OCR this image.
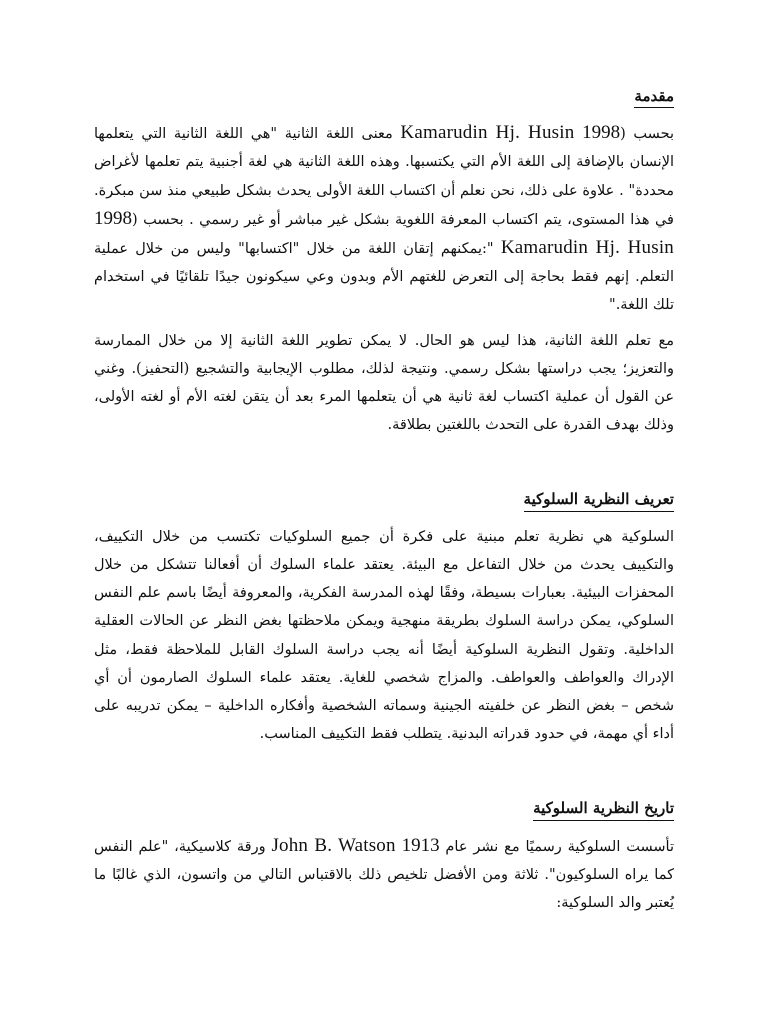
مقدمة

بحسب (1998 Kamarudin Hj. Husin معنى اللغة الثانية "هي اللغة الثانية التي يتعلمها الإنسان بالإضافة إلى اللغة الأم التي يكتسبها. وهذه اللغة الثانية هي لغة أجنبية يتم تعلمها لأغراض محددة" . علاوة على ذلك، نحن نعلم أن اكتساب اللغة الأولى يحدث بشكل طبيعي منذ سن مبكرة. في هذا المستوى، يتم اكتساب المعرفة اللغوية بشكل غير مباشر أو غير رسمي . بحسب (1998 Kamarudin Hj. Husin ":يمكنهم إتقان اللغة من خلال "اكتسابها" وليس من خلال عملية التعلم. إنهم فقط بحاجة إلى التعرض للغتهم الأم وبدون وعي سيكونون جيدًا تلقائيًا في استخدام تلك اللغة."

مع تعلم اللغة الثانية، هذا ليس هو الحال. لا يمكن تطوير اللغة الثانية إلا من خلال الممارسة والتعزيز؛ يجب دراستها بشكل رسمي. ونتيجة لذلك، مطلوب الإيجابية والتشجيع (التحفيز). وغني عن القول أن عملية اكتساب لغة ثانية هي أن يتعلمها المرء بعد أن يتقن لغته الأم أو لغته الأولى، وذلك بهدف القدرة على التحدث باللغتين بطلاقة.

تعريف النظرية السلوكية

السلوكية هي نظرية تعلم مبنية على فكرة أن جميع السلوكيات تكتسب من خلال التكييف، والتكييف يحدث من خلال التفاعل مع البيئة. يعتقد علماء السلوك أن أفعالنا تتشكل من خلال المحفزات البيئية. بعبارات بسيطة، وفقًا لهذه المدرسة الفكرية، والمعروفة أيضًا باسم علم النفس السلوكي، يمكن دراسة السلوك بطريقة منهجية ويمكن ملاحظتها بغض النظر عن الحالات العقلية الداخلية. وتقول النظرية السلوكية أيضًا أنه يجب دراسة السلوك القابل للملاحظة فقط، مثل الإدراك والعواطف والعواطف. والمزاج شخصي للغاية. يعتقد علماء السلوك الصارمون أن أي شخص – بغض النظر عن خلفيته الجينية وسماته الشخصية وأفكاره الداخلية – يمكن تدريبه على أداء أي مهمة، في حدود قدراته البدنية. يتطلب فقط التكييف المناسب.

تاريخ النظرية السلوكية

تأسست السلوكية رسميًا مع نشر عام 1913 John B. Watson ورقة كلاسيكية، "علم النفس كما يراه السلوكيون". ثلاثة ومن الأفضل تلخيص ذلك بالاقتباس التالي من واتسون، الذي غالبًا ما يُعتبر والد السلوكية:
